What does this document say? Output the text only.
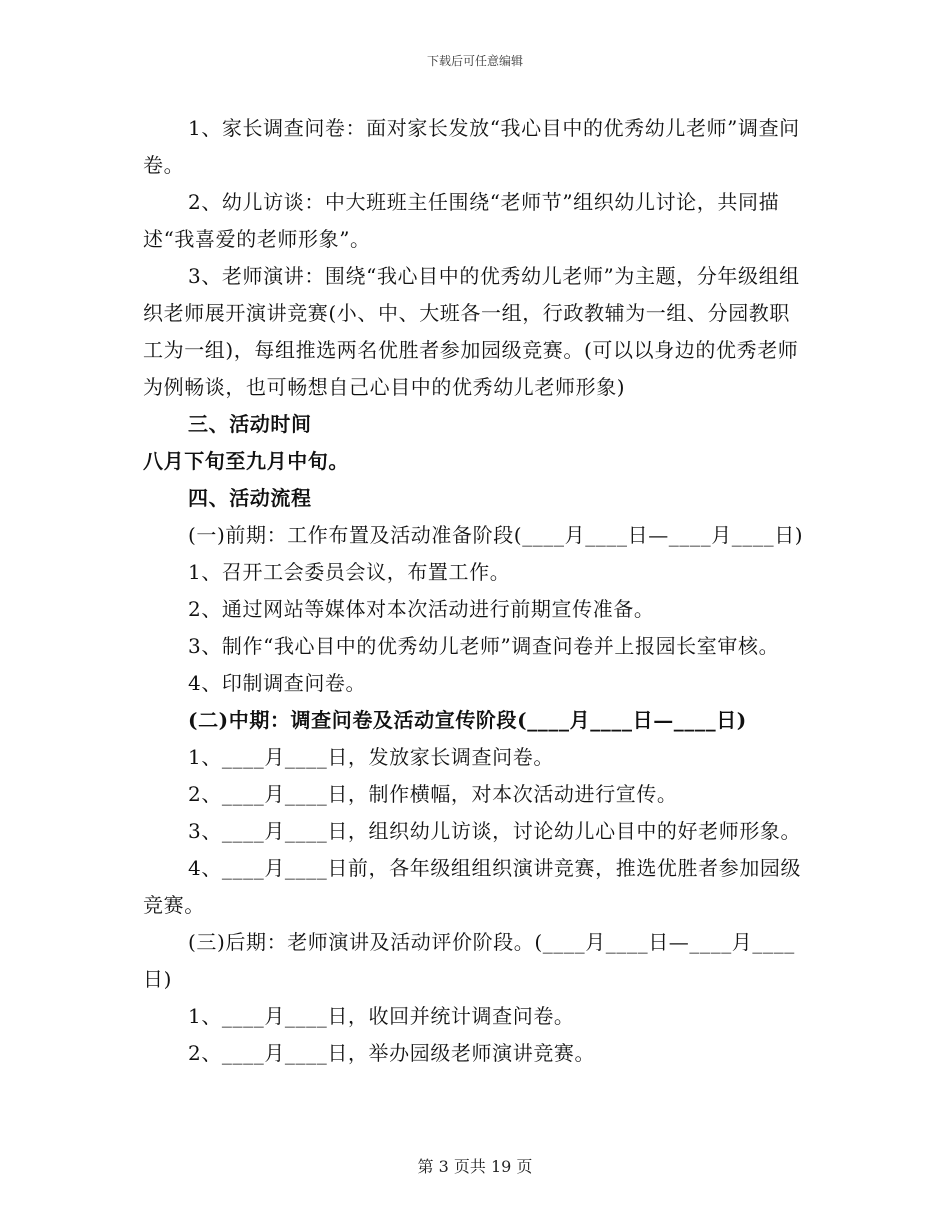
下载后可任意编辑

1、家长调查问卷：面对家长发放“我心目中的优秀幼儿老师”调查问卷。

2、幼儿访谈：中大班班主任围绕“老师节”组织幼儿讨论，共同描述“我喜爱的老师形象”。

3、老师演讲：围绕“我心目中的优秀幼儿老师”为主题，分年级组组织老师展开演讲竞赛(小、中、大班各一组，行政教辅为一组、分园教职工为一组)，每组推选两名优胜者参加园级竞赛。(可以以身边的优秀老师为例畅谈，也可畅想自己心目中的优秀幼儿老师形象)

三、活动时间

八月下旬至九月中旬。

四、活动流程

(一)前期：工作布置及活动准备阶段(____月____日—____月____日)

1、召开工会委员会议，布置工作。

2、通过网站等媒体对本次活动进行前期宣传准备。

3、制作“我心目中的优秀幼儿老师”调查问卷并上报园长室审核。

4、印制调查问卷。

(二)中期：调查问卷及活动宣传阶段(____月____日—____日)

1、____月____日，发放家长调查问卷。

2、____月____日，制作横幅，对本次活动进行宣传。

3、____月____日，组织幼儿访谈，讨论幼儿心目中的好老师形象。

4、____月____日前，各年级组组织演讲竞赛，推选优胜者参加园级竞赛。

(三)后期：老师演讲及活动评价阶段。(____月____日—____月____日)

1、____月____日，收回并统计调查问卷。

2、____月____日，举办园级老师演讲竞赛。

第 3 页共 19 页
